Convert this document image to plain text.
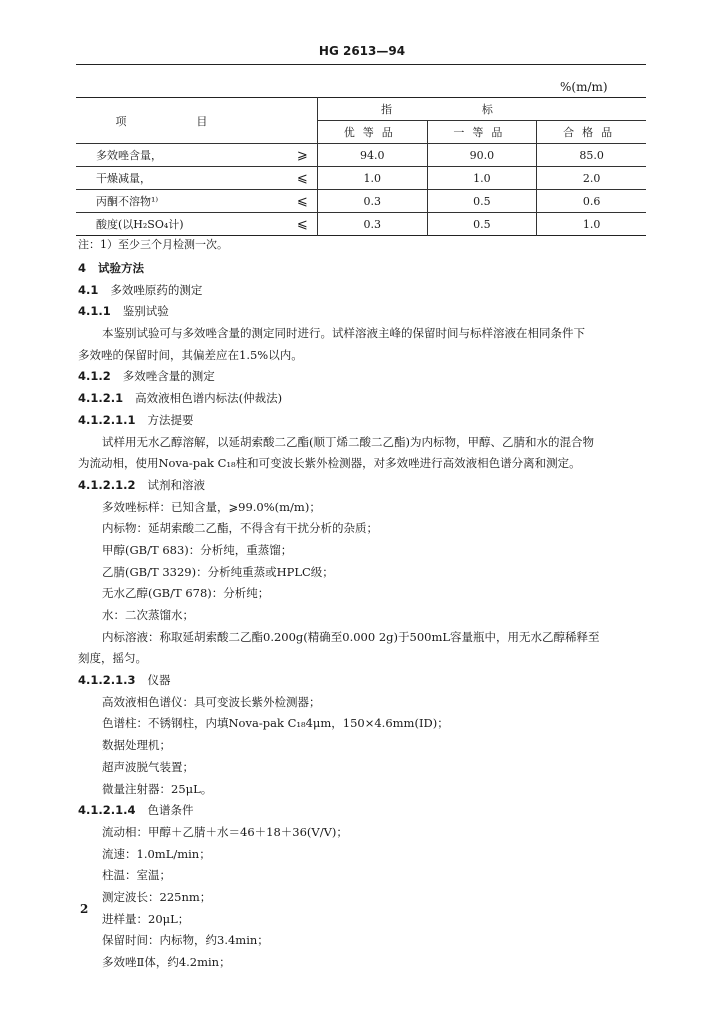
HG 2613—94
%(m/m)
项目		指标		
		优等品	一等品	合格品
多效唑含量，	⩾	94.0	90.0	85.0
干燥减量，	⩽	1.0	1.0	2.0
丙酮不溶物¹⁾	⩽	0.3	0.5	0.6
酸度(以H₂SO₄计)	⩽	0.3	0.5	1.0
注：1）至少三个月检测一次。
4 试验方法
4.1 多效唑原药的测定
4.1.1 鉴别试验
本鉴别试验可与多效唑含量的测定同时进行。试样溶液主峰的保留时间与标样溶液在相同条件下
多效唑的保留时间，其偏差应在1.5%以内。
4.1.2 多效唑含量的测定
4.1.2.1 高效液相色谱内标法(仲裁法)
4.1.2.1.1 方法提要
试样用无水乙醇溶解，以延胡索酸二乙酯(顺丁烯二酸二乙酯)为内标物，甲醇、乙腈和水的混合物
为流动相，使用Nova-pak C₁₈柱和可变波长紫外检测器，对多效唑进行高效液相色谱分离和测定。
4.1.2.1.2 试剂和溶液
多效唑标样：已知含量，⩾99.0%(m/m)；
内标物：延胡索酸二乙酯，不得含有干扰分析的杂质；
甲醇(GB/T 683)：分析纯，重蒸馏；
乙腈(GB/T 3329)：分析纯重蒸或HPLC级；
无水乙醇(GB/T 678)：分析纯；
水：二次蒸馏水；
内标溶液：称取延胡索酸二乙酯0.200g(精确至0.000 2g)于500mL容量瓶中，用无水乙醇稀释至
刻度，摇匀。
4.1.2.1.3 仪器
高效液相色谱仪：具可变波长紫外检测器；
色谱柱：不锈钢柱，内填Nova-pak C₁₈4μm，150×4.6mm(ID)；
数据处理机；
超声波脱气装置；
微量注射器：25μL。
4.1.2.1.4 色谱条件
流动相：甲醇＋乙腈＋水＝46＋18＋36(V/V)；
流速：1.0mL/min；
柱温：室温；
测定波长：225nm；
进样量：20μL；
保留时间：内标物，约3.4min；
多效唑Ⅱ体，约4.2min；
2
